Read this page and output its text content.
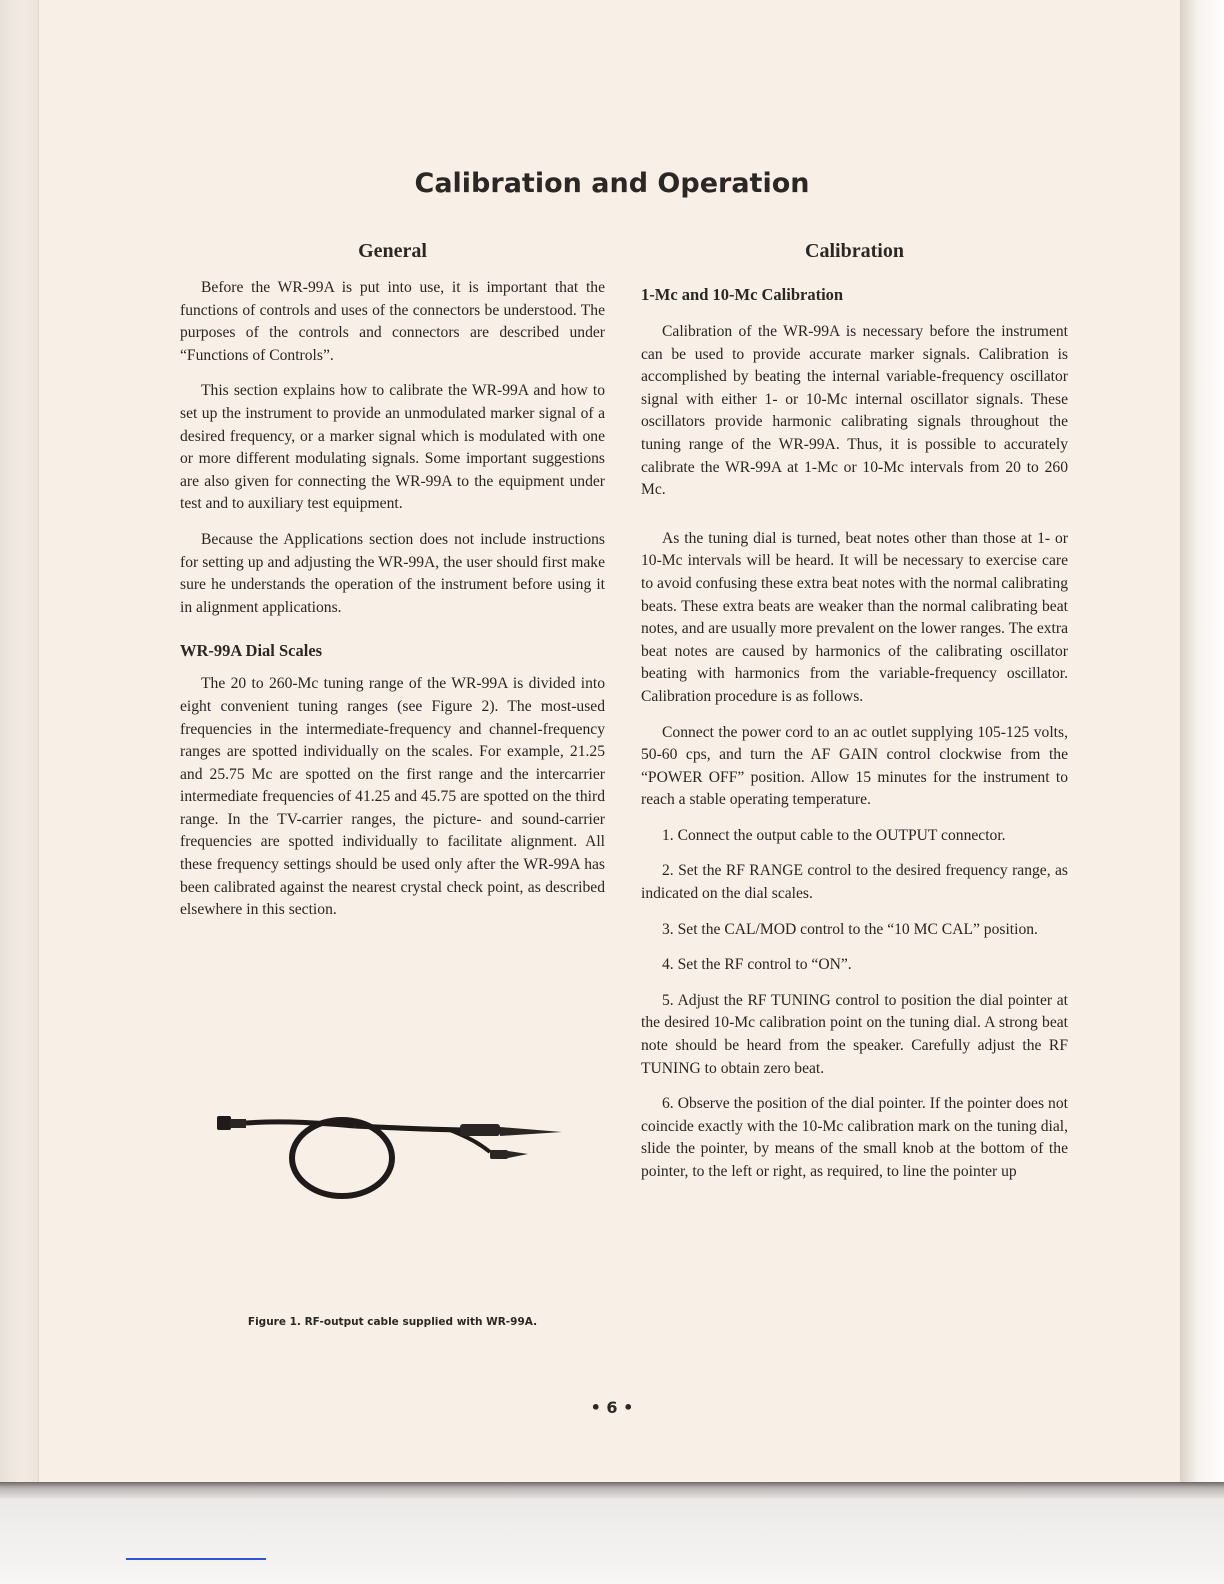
Calibration and Operation
General

Before the WR-99A is put into use, it is important that the functions of controls and uses of the connectors be understood. The purposes of the controls and connectors are described under “Functions of Controls”.

This section explains how to calibrate the WR-99A and how to set up the instrument to provide an unmodulated marker signal of a desired frequency, or a marker signal which is modulated with one or more different modulating signals. Some important suggestions are also given for connecting the WR-99A to the equipment under test and to auxiliary test equipment.

Because the Applications section does not include instructions for setting up and adjusting the WR-99A, the user should first make sure he understands the operation of the instrument before using it in alignment applications.

WR-99A Dial Scales

The 20 to 260-Mc tuning range of the WR-99A is divided into eight convenient tuning ranges (see Figure 2). The most-used frequencies in the intermediate-frequency and channel-frequency ranges are spotted individually on the scales. For example, 21.25 and 25.75 Mc are spotted on the first range and the intercarrier intermediate frequencies of 41.25 and 45.75 are spotted on the third range. In the TV-carrier ranges, the picture- and sound-carrier frequencies are spotted individually to facilitate alignment. All these frequency settings should be used only after the WR-99A has been calibrated against the nearest crystal check point, as described elsewhere in this section.

Figure 1. RF-output cable supplied with WR-99A.

Calibration
1-Mc and 10-Mc Calibration

Calibration of the WR-99A is necessary before the instrument can be used to provide accurate marker signals. Calibration is accomplished by beating the internal variable-frequency oscillator signal with either 1- or 10-Mc internal oscillator signals. These oscillators provide harmonic calibrating signals throughout the tuning range of the WR-99A. Thus, it is possible to accurately calibrate the WR-99A at 1-Mc or 10-Mc intervals from 20 to 260 Mc.

As the tuning dial is turned, beat notes other than those at 1- or 10-Mc intervals will be heard. It will be necessary to exercise care to avoid confusing these extra beat notes with the normal calibrating beats. These extra beats are weaker than the normal calibrating beat notes, and are usually more prevalent on the lower ranges. The extra beat notes are caused by harmonics of the calibrating oscillator beating with harmonics from the variable-frequency oscillator. Calibration procedure is as follows.

Connect the power cord to an ac outlet supplying 105-125 volts, 50-60 cps, and turn the AF GAIN control clockwise from the “POWER OFF” position. Allow 15 minutes for the instrument to reach a stable operating temperature.

1. Connect the output cable to the OUTPUT connector.

2. Set the RF RANGE control to the desired frequency range, as indicated on the dial scales.

3. Set the CAL/MOD control to the “10 MC CAL” position.

4. Set the RF control to “ON”.

5. Adjust the RF TUNING control to position the dial pointer at the desired 10-Mc calibration point on the tuning dial. A strong beat note should be heard from the speaker. Carefully adjust the RF TUNING to obtain zero beat.

6. Observe the position of the dial pointer. If the pointer does not coincide exactly with the 10-Mc calibration mark on the tuning dial, slide the pointer, by means of the small knob at the bottom of the pointer, to the left or right, as required, to line the pointer up

• 6 •
